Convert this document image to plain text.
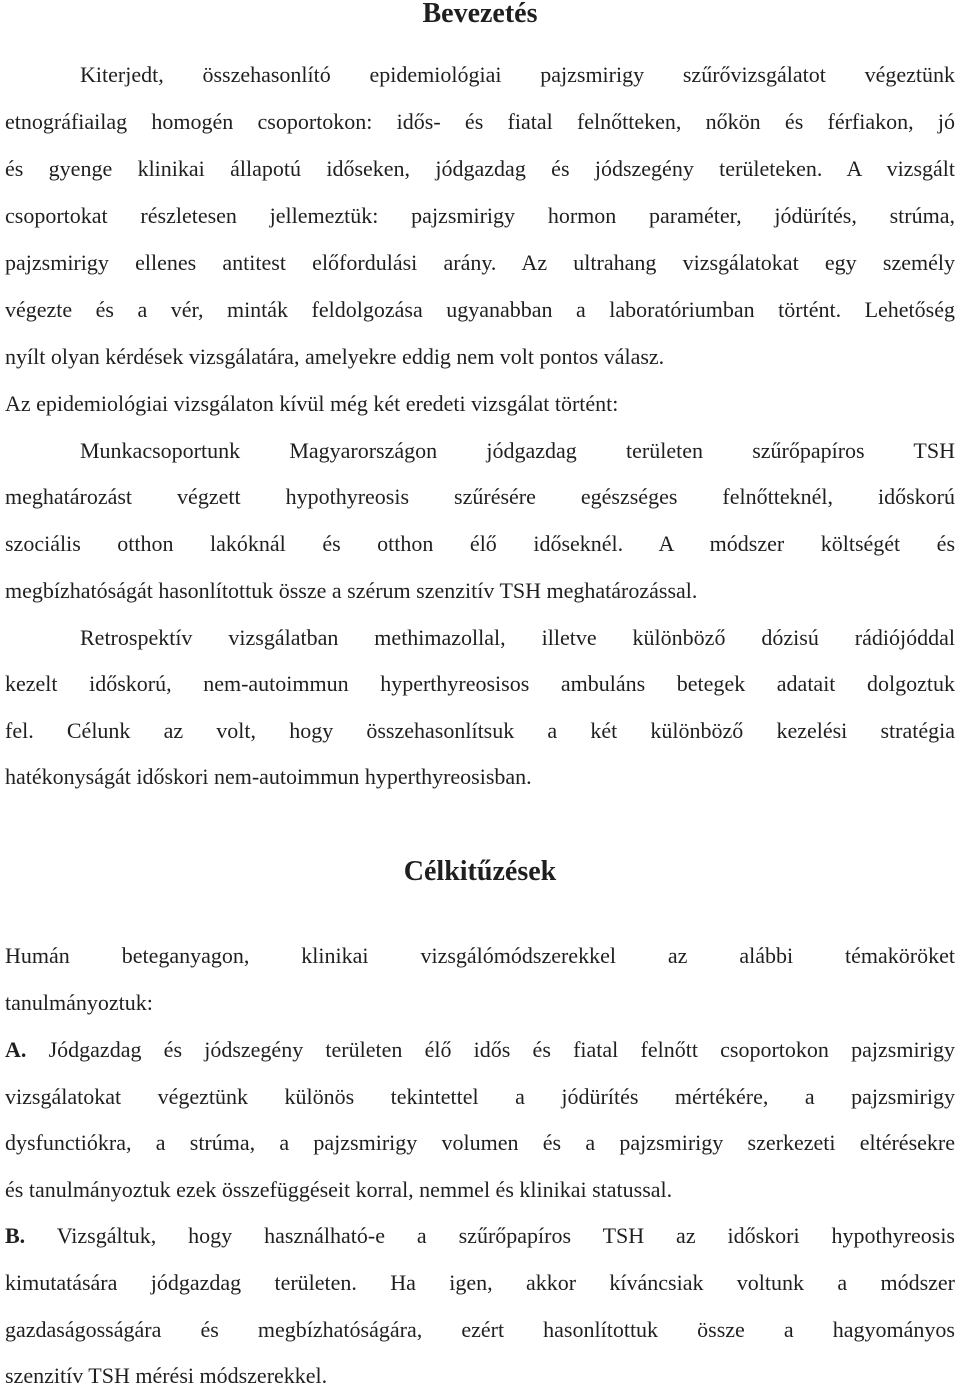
Bevezetés
Kiterjedt, összehasonlító epidemiológiai pajzsmirigy szűrővizsgálatot végeztünk
etnográfiailag homogén csoportokon: idős- és fiatal felnőtteken, nőkön és férfiakon, jó
és gyenge klinikai állapotú időseken, jódgazdag és jódszegény területeken. A vizsgált
csoportokat részletesen jellemeztük: pajzsmirigy hormon paraméter, jódürítés, strúma,
pajzsmirigy ellenes antitest előfordulási arány. Az ultrahang vizsgálatokat egy személy
végezte és a vér, minták feldolgozása ugyanabban a laboratóriumban történt. Lehetőség
nyílt olyan kérdések vizsgálatára, amelyekre eddig nem volt pontos válasz.
Az epidemiológiai vizsgálaton kívül még két eredeti vizsgálat történt:
Munkacsoportunk Magyarországon jódgazdag területen szűrőpapíros TSH
meghatározást végzett hypothyreosis szűrésére egészséges felnőtteknél, időskorú
szociális otthon lakóknál és otthon élő időseknél. A módszer költségét és
megbízhatóságát hasonlítottuk össze a szérum szenzitív TSH meghatározással.
Retrospektív vizsgálatban methimazollal, illetve különböző dózisú rádiójóddal
kezelt időskorú, nem-autoimmun hyperthyreosisos ambuláns betegek adatait dolgoztuk
fel. Célunk az volt, hogy összehasonlítsuk a két különböző kezelési stratégia
hatékonyságát időskori nem-autoimmun hyperthyreosisban.
Célkitűzések
Humán beteganyagon, klinikai vizsgálómódszerekkel az alábbi témaköröket
tanulmányoztuk:
A. Jódgazdag és jódszegény területen élő idős és fiatal felnőtt csoportokon pajzsmirigy
vizsgálatokat végeztünk különös tekintettel a jódürítés mértékére, a pajzsmirigy
dysfunctiókra, a strúma, a pajzsmirigy volumen és a pajzsmirigy szerkezeti eltérésekre
és tanulmányoztuk ezek összefüggéseit korral, nemmel és klinikai statussal.
B. Vizsgáltuk, hogy használható-e a szűrőpapíros TSH az időskori hypothyreosis
kimutatására jódgazdag területen. Ha igen, akkor kíváncsiak voltunk a módszer
gazdaságosságára és megbízhatóságára, ezért hasonlítottuk össze a hagyományos
szenzitív TSH mérési módszerekkel.
